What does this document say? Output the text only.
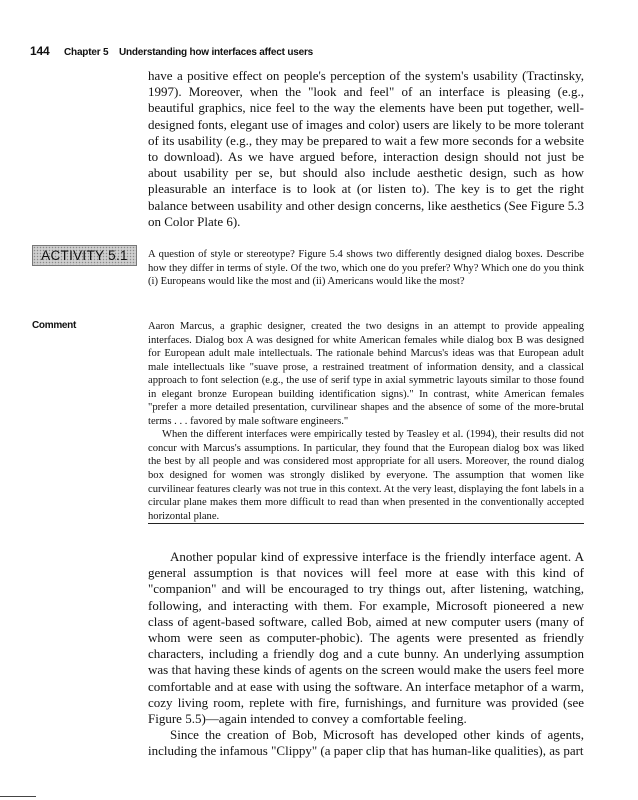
144 Chapter 5 Understanding how interfaces affect users

have a positive effect on people's perception of the system's usability (Tractinsky, 1997). Moreover, when the "look and feel" of an interface is pleasing (e.g., beautiful graphics, nice feel to the way the elements have been put together, well-designed fonts, elegant use of images and color) users are likely to be more tolerant of its usability (e.g., they may be prepared to wait a few more seconds for a website to download). As we have argued before, interaction design should not just be about usability per se, but should also include aesthetic design, such as how pleasurable an interface is to look at (or listen to). The key is to get the right balance between usability and other design concerns, like aesthetics (See Figure 5.3 on Color Plate 6).

ACTIVITY 5.1	A question of style or stereotype? Figure 5.4 shows two differently designed dialog boxes. Describe how they differ in terms of style. Of the two, which one do you prefer? Why? Which one do you think (i) Europeans would like the most and (ii) Americans would like the most?

Comment	Aaron Marcus, a graphic designer, created the two designs in an attempt to provide appealing interfaces. Dialog box A was designed for white American females while dialog box B was designed for European adult male intellectuals. The rationale behind Marcus's ideas was that European adult male intellectuals like "suave prose, a restrained treatment of information density, and a classical approach to font selection (e.g., the use of serif type in axial symmetric layouts similar to those found in elegant bronze European building identification signs)." In contrast, white American females "prefer a more detailed presentation, curvilinear shapes and the absence of some of the more-brutal terms . . . favored by male software engineers."
When the different interfaces were empirically tested by Teasley et al. (1994), their results did not concur with Marcus's assumptions. In particular, they found that the European dialog box was liked the best by all people and was considered most appropriate for all users. Moreover, the round dialog box designed for women was strongly disliked by everyone. The assumption that women like curvilinear features clearly was not true in this context. At the very least, displaying the font labels in a circular plane makes them more difficult to read than when presented in the conventionally accepted horizontal plane.
Another popular kind of expressive interface is the friendly interface agent. A general assumption is that novices will feel more at ease with this kind of "companion" and will be encouraged to try things out, after listening, watching, following, and interacting with them. For example, Microsoft pioneered a new class of agent-based software, called Bob, aimed at new computer users (many of whom were seen as computer-phobic). The agents were presented as friendly characters, including a friendly dog and a cute bunny. An underlying assumption was that having these kinds of agents on the screen would make the users feel more comfortable and at ease with using the software. An interface metaphor of a warm, cozy living room, replete with fire, furnishings, and furniture was provided (see Figure 5.5)—again intended to convey a comfortable feeling.
Since the creation of Bob, Microsoft has developed other kinds of agents, including the infamous "Clippy" (a paper clip that has human-like qualities), as part
